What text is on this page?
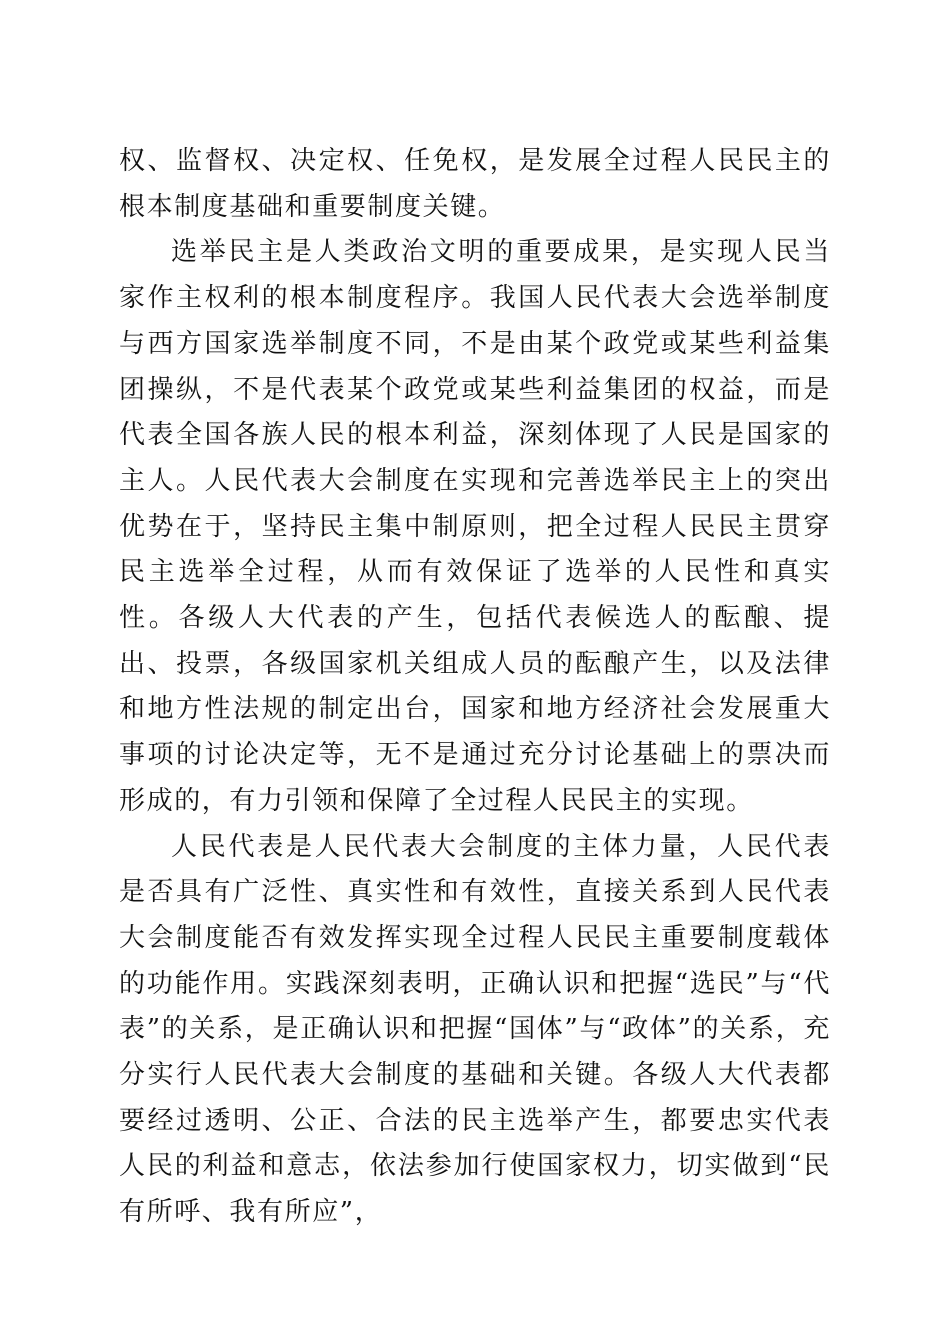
权、监督权、决定权、任免权，是发展全过程人民民主的根本制度基础和重要制度关键。

选举民主是人类政治文明的重要成果，是实现人民当家作主权利的根本制度程序。我国人民代表大会选举制度与西方国家选举制度不同，不是由某个政党或某些利益集团操纵，不是代表某个政党或某些利益集团的权益，而是代表全国各族人民的根本利益，深刻体现了人民是国家的主人。人民代表大会制度在实现和完善选举民主上的突出优势在于，坚持民主集中制原则，把全过程人民民主贯穿民主选举全过程，从而有效保证了选举的人民性和真实性。各级人大代表的产生，包括代表候选人的酝酿、提出、投票，各级国家机关组成人员的酝酿产生，以及法律和地方性法规的制定出台，国家和地方经济社会发展重大事项的讨论决定等，无不是通过充分讨论基础上的票决而形成的，有力引领和保障了全过程人民民主的实现。

人民代表是人民代表大会制度的主体力量，人民代表是否具有广泛性、真实性和有效性，直接关系到人民代表大会制度能否有效发挥实现全过程人民民主重要制度载体的功能作用。实践深刻表明，正确认识和把握“选民”与“代表”的关系，是正确认识和把握“国体”与“政体”的关系，充分实行人民代表大会制度的基础和关键。各级人大代表都要经过透明、公正、合法的民主选举产生，都要忠实代表人民的利益和意志，依法参加行使国家权力，切实做到“民有所呼、我有所应”，
